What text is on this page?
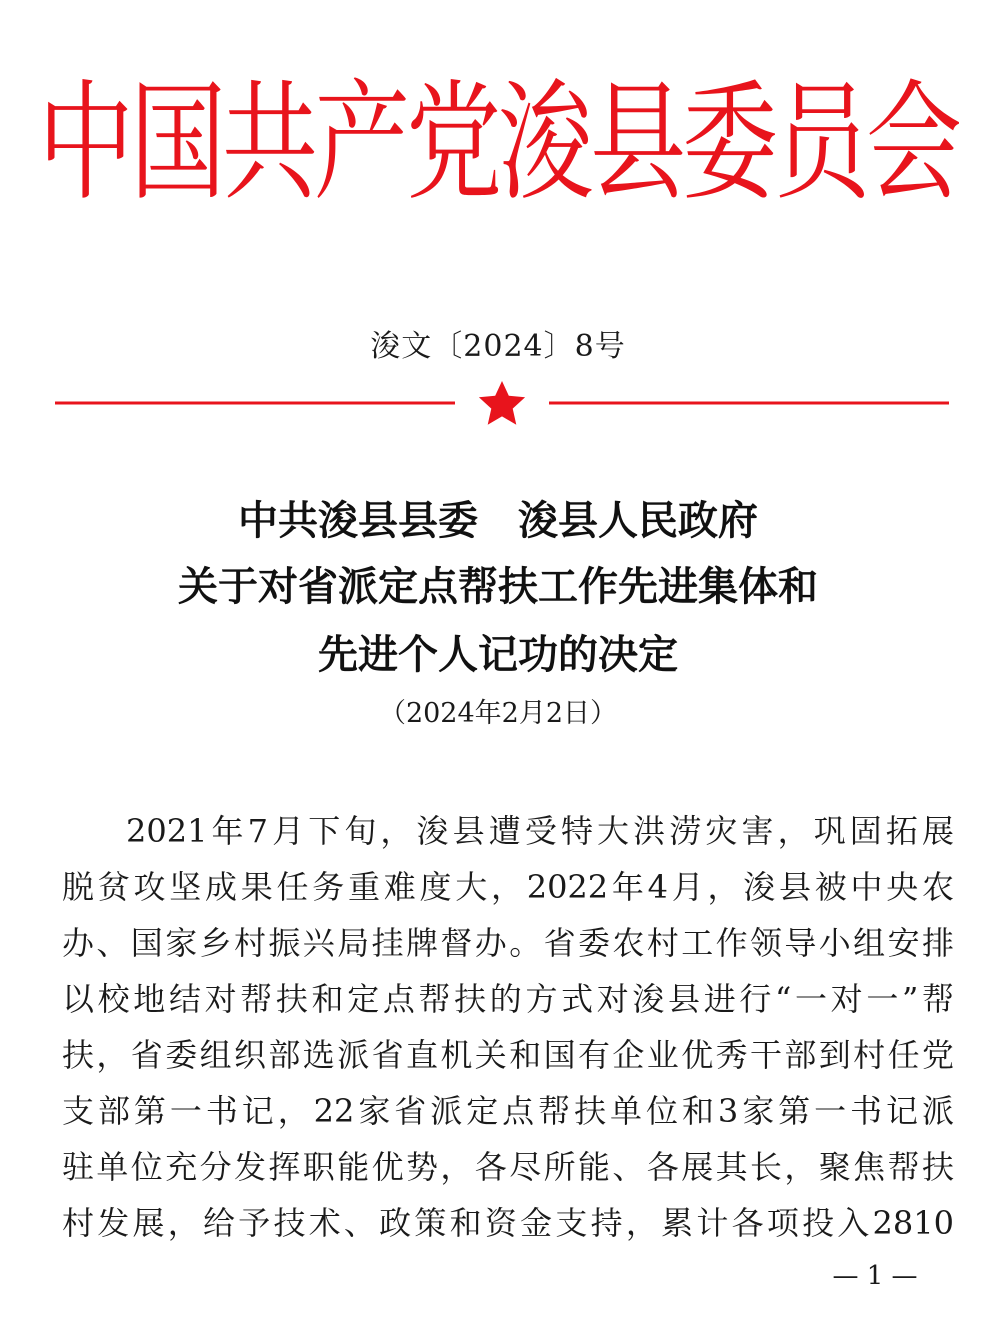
中国共产党浚县委员会
浚文〔2024〕8号
中共浚县县委　浚县人民政府
关于对省派定点帮扶工作先进集体和
先进个人记功的决定
（2024年2月2日）
2021年7月下旬，浚县遭受特大洪涝灾害，巩固拓展
脱贫攻坚成果任务重难度大，2022年4月，浚县被中央农
办、国家乡村振兴局挂牌督办。省委农村工作领导小组安排
以校地结对帮扶和定点帮扶的方式对浚县进行“一对一”帮
扶，省委组织部选派省直机关和国有企业优秀干部到村任党
支部第一书记，22家省派定点帮扶单位和3家第一书记派
驻单位充分发挥职能优势，各尽所能、各展其长，聚焦帮扶
村发展，给予技术、政策和资金支持，累计各项投入2810
— 1 —
